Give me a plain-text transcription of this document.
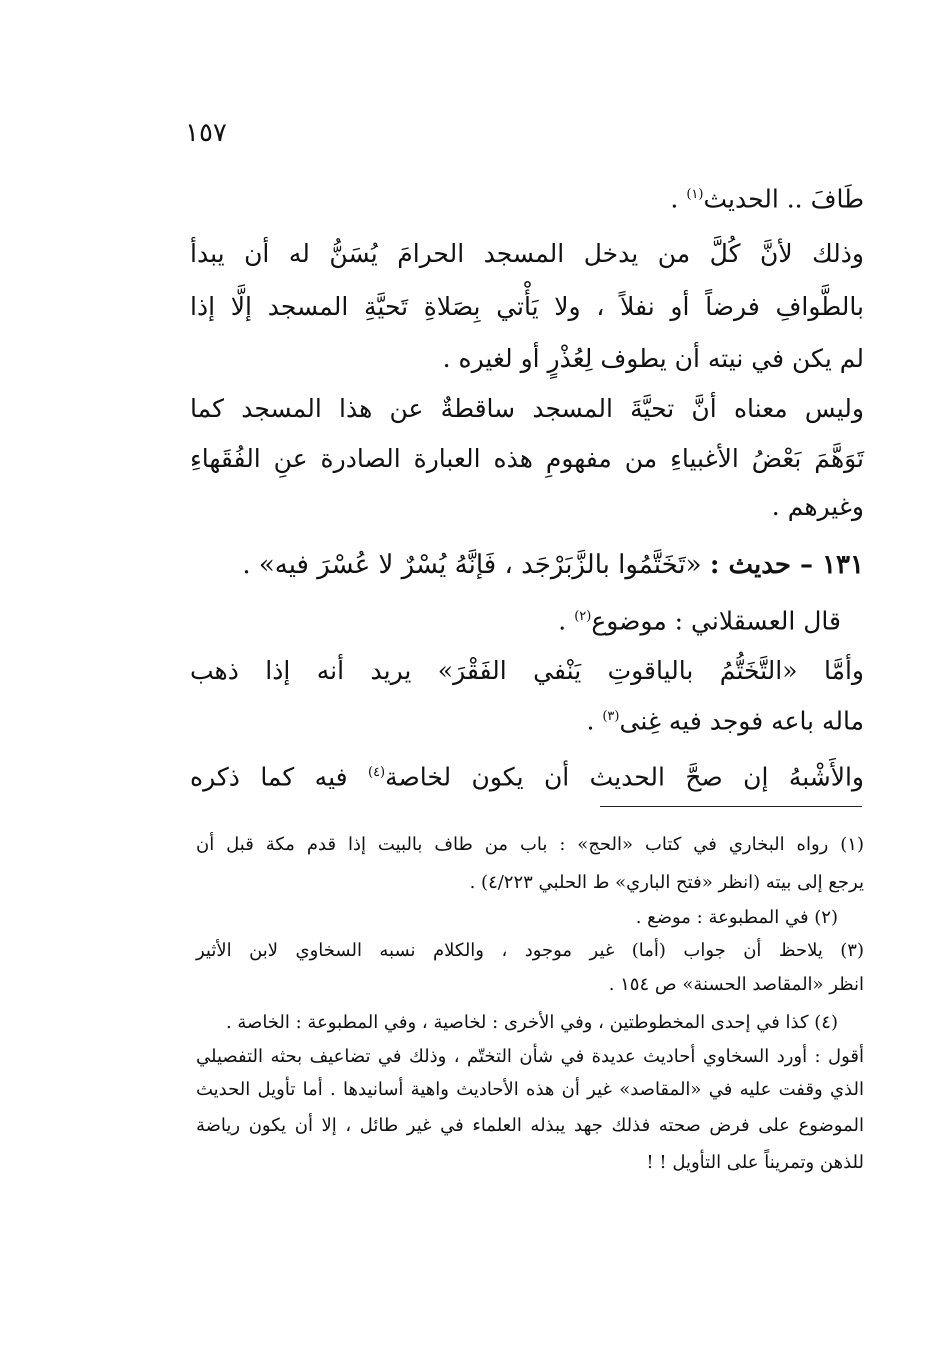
١٥٧
طَافَ .. الحديث$^{(١)}$ .
وذلك لأنَّ كُلَّ من يدخل المسجد الحرامَ يُسَنُّ له أن يبدأ
بالطَّوافِ فرضاً أو نفلاً ، ولا يَأْتي بِصَلاةِ تَحيَّةِ المسجد إلَّا إذا
لم يكن في نيته أن يطوف لِعُذْرٍ أو لغيره .
وليس معناه أنَّ تحيَّةَ المسجد ساقطةٌ عن هذا المسجد كما
تَوَهَّمَ بَعْضُ الأغبياءِ من مفهومِ هذه العبارة الصادرة عنِ الفُقَهاءِ
وغيرهم .
١٣١ – حديث : «تَخَتَّمُوا بالزَّبَرْجَد ، فَإنَّهُ يُسْرٌ لا عُسْرَ فيه» .
قال العسقلاني : موضوع$^{(٢)}$ .
وأمَّا «التَّخَتُّمُ بالياقوتِ يَنْفي الفَقْرَ» يريد أنه إذا ذهب
ماله باعه فوجد فيه غِنى$^{(٣)}$ .
والأَشْبهُ إن صحَّ الحديث أن يكون لخاصة$^{(٤)}$ فيه كما ذكره
(١) رواه البخاري في كتاب «الحج» : باب من طاف بالبيت إذا قدم مكة قبل أن
يرجع إلى بيته (انظر «فتح الباري» ط الحلبي ٤/٢٢٣) .
(٢) في المطبوعة : موضع .
(٣) يلاحظ أن جواب (أما) غير موجود ، والكلام نسبه السخاوي لابن الأثير
انظر «المقاصد الحسنة» ص ١٥٤ .
(٤) كذا في إحدى المخطوطتين ، وفي الأخرى : لخاصية ، وفي المطبوعة : الخاصة .
أقول : أورد السخاوي أحاديث عديدة في شأن التختّم ، وذلك في تضاعيف بحثه التفصيلي
الذي وقفت عليه في «المقاصد» غير أن هذه الأحاديث واهية أسانيدها . أما تأويل الحديث
الموضوع على فرض صحته فذلك جهد يبذله العلماء في غير طائل ، إلا أن يكون رياضة
للذهن وتمريناً على التأويل ! !
